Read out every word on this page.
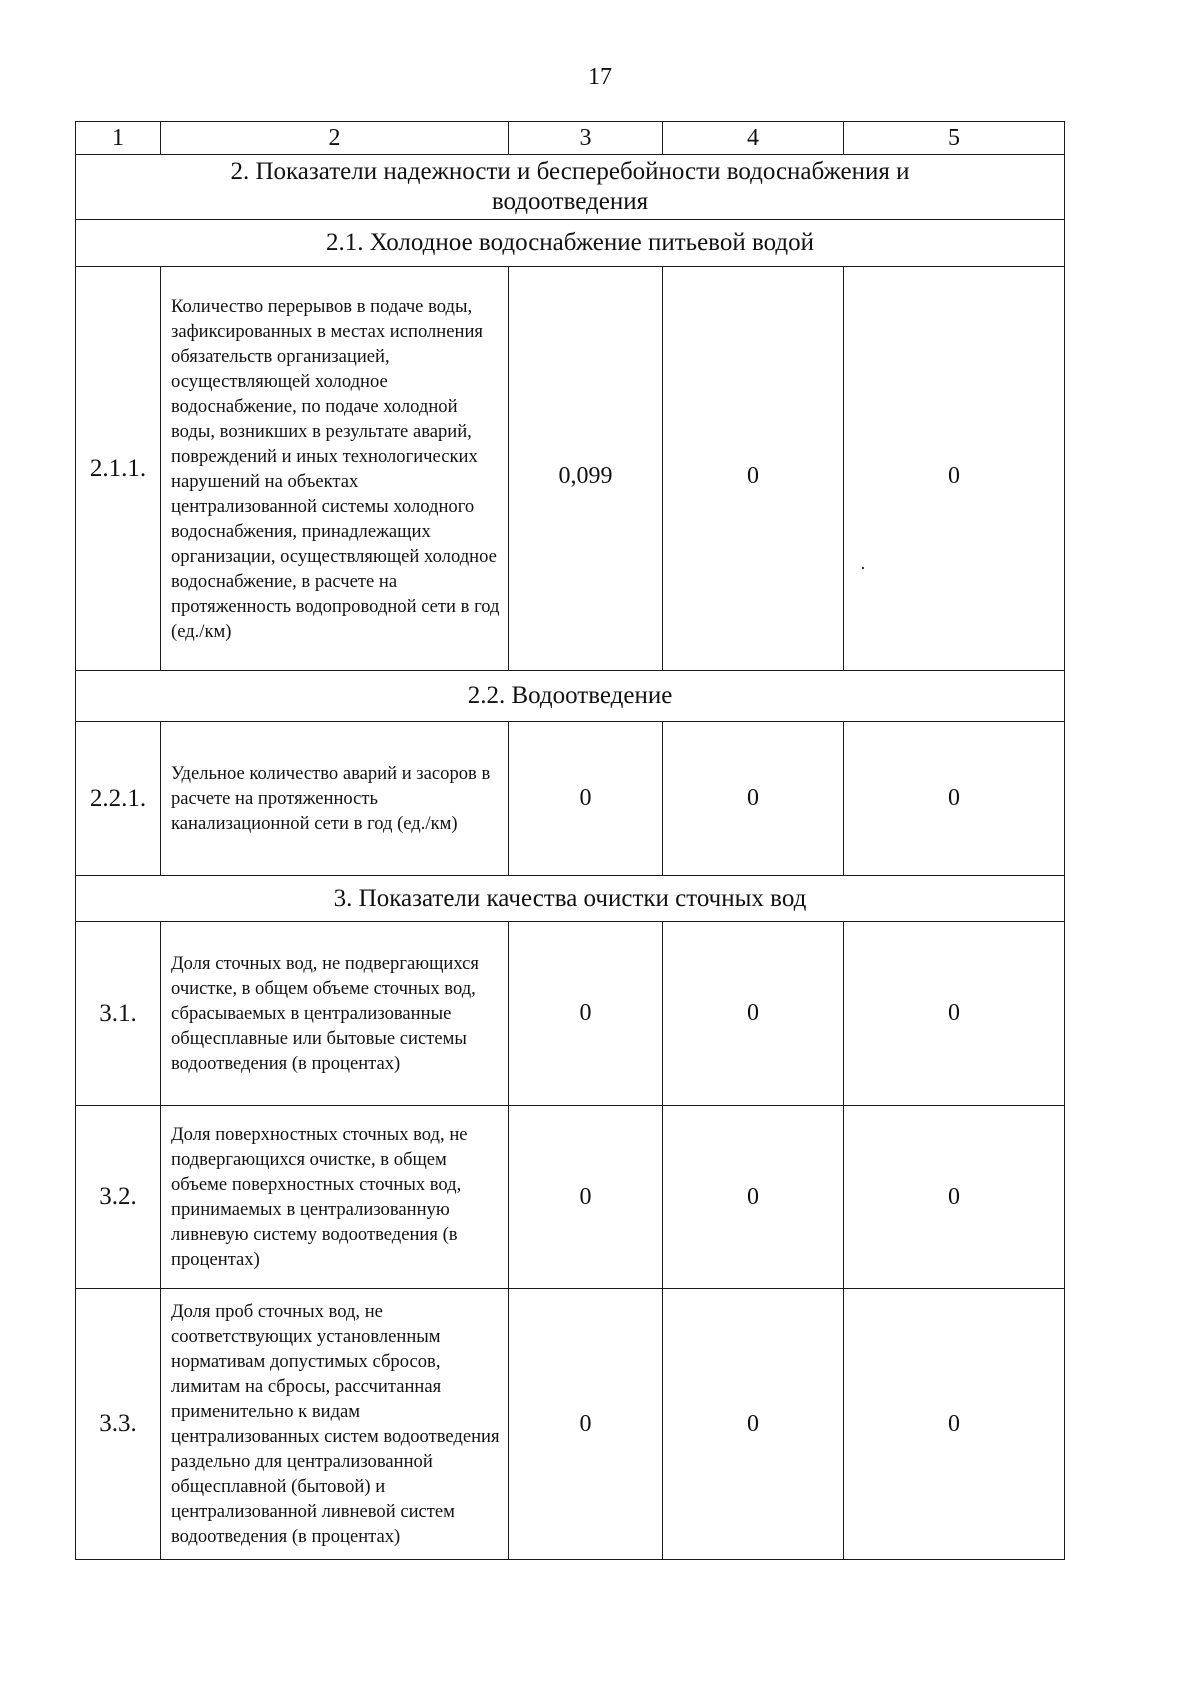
17
1	2	3	4	5
2. Показатели надежности и бесперебойности водоснабжения и водоотведения				
2.1. Холодное водоснабжение питьевой водой				
2.1.1.	Количество перерывов в подаче воды, зафиксированных в местах исполнения обязательств организацией, осуществляющей холодное водоснабжение, по подаче холодной воды, возникших в результате аварий, повреждений и иных технологических нарушений на объектах централизованной системы холодного водоснабжения, принадлежащих организации, осуществляющей холодное водоснабжение, в расчете на протяженность водопроводной сети в год (ед./км)	0,099	0	0

2.2. Водоотведение				
2.2.1.	Удельное количество аварий и засоров в расчете на протяженность канализационной сети в год (ед./км)	0	0	0
3. Показатели качества очистки сточных вод				
3.1.	Доля сточных вод, не подвергающихся очистке, в общем объеме сточных вод, сбрасываемых в централизованные общесплавные или бытовые системы водоотведения (в процентах)	0	0	0
3.2.	Доля поверхностных сточных вод, не подвергающихся очистке, в общем объеме поверхностных сточных вод, принимаемых в централизованную ливневую систему водоотведения (в процентах)	0	0	0
3.3.	Доля проб сточных вод, не соответствующих установленным нормативам допустимых сбросов, лимитам на сбросы, рассчитанная применительно к видам централизованных систем водоотведения раздельно для централизованной общесплавной (бытовой) и централизованной ливневой систем водоотведения (в процентах)	0	0	0
·
